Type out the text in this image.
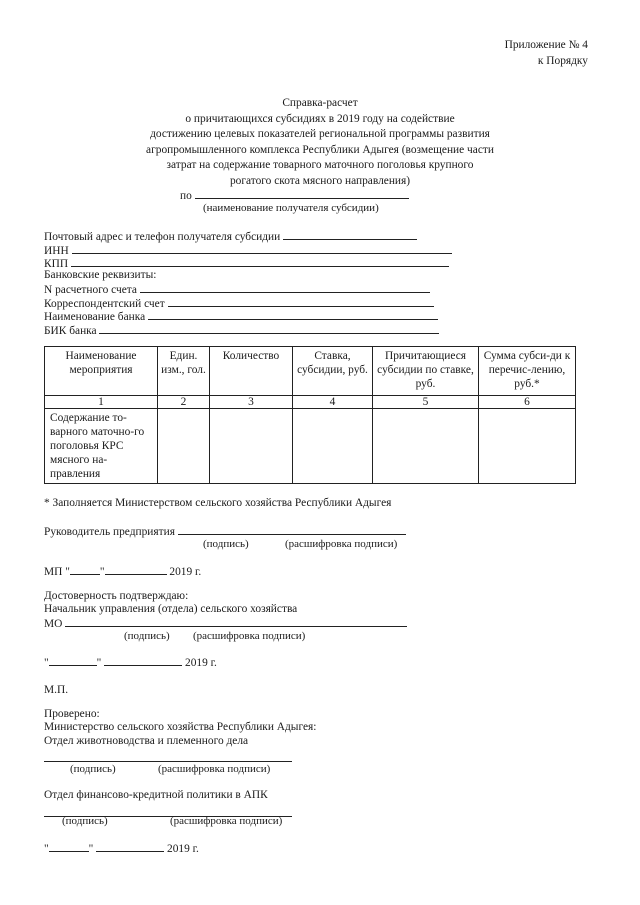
Приложение № 4
к Порядку
Справка-расчет
о причитающихся субсидиях в 2019 году на содействие
достижению целевых показателей региональной программы развития
агропромышленного комплекса Республики Адыгея (возмещение части
затрат на содержание товарного маточного поголовья крупного
рогатого скота мясного направления)
по
(наименование получателя субсидии)
Почтовый адрес и телефон получателя субсидии
ИНН
КПП
Банковские реквизиты:
N расчетного счета
Корреспондентский счет
Наименование банка
БИК банка
Наименование мероприятия	Един. изм., гол.	Количество	Ставка, субсидии, руб.	Причитающиеся субсидии по ставке, руб.	Сумма субси-ди к перечис-лению, руб.*
1	2	3	4	5	6
Содержание то-варного маточно-го поголовья КРС мясного на-правления					
* Заполняется Министерством сельского хозяйства Республики Адыгея
Руководитель предприятия
(подпись)	(расшифровка подписи)
МП "	"	2019 г.
Достоверность подтверждаю:
Начальник управления (отдела) сельского хозяйства
МО
(подпись) (расшифровка подписи)
"	"	2019 г.
М.П.
Проверено:
Министерство сельского хозяйства Республики Адыгея:
Отдел животноводства и племенного дела
(подпись)	(расшифровка подписи)
Отдел финансово-кредитной политики в АПК
(подпись)	(расшифровка подписи)
"	"	2019 г.
